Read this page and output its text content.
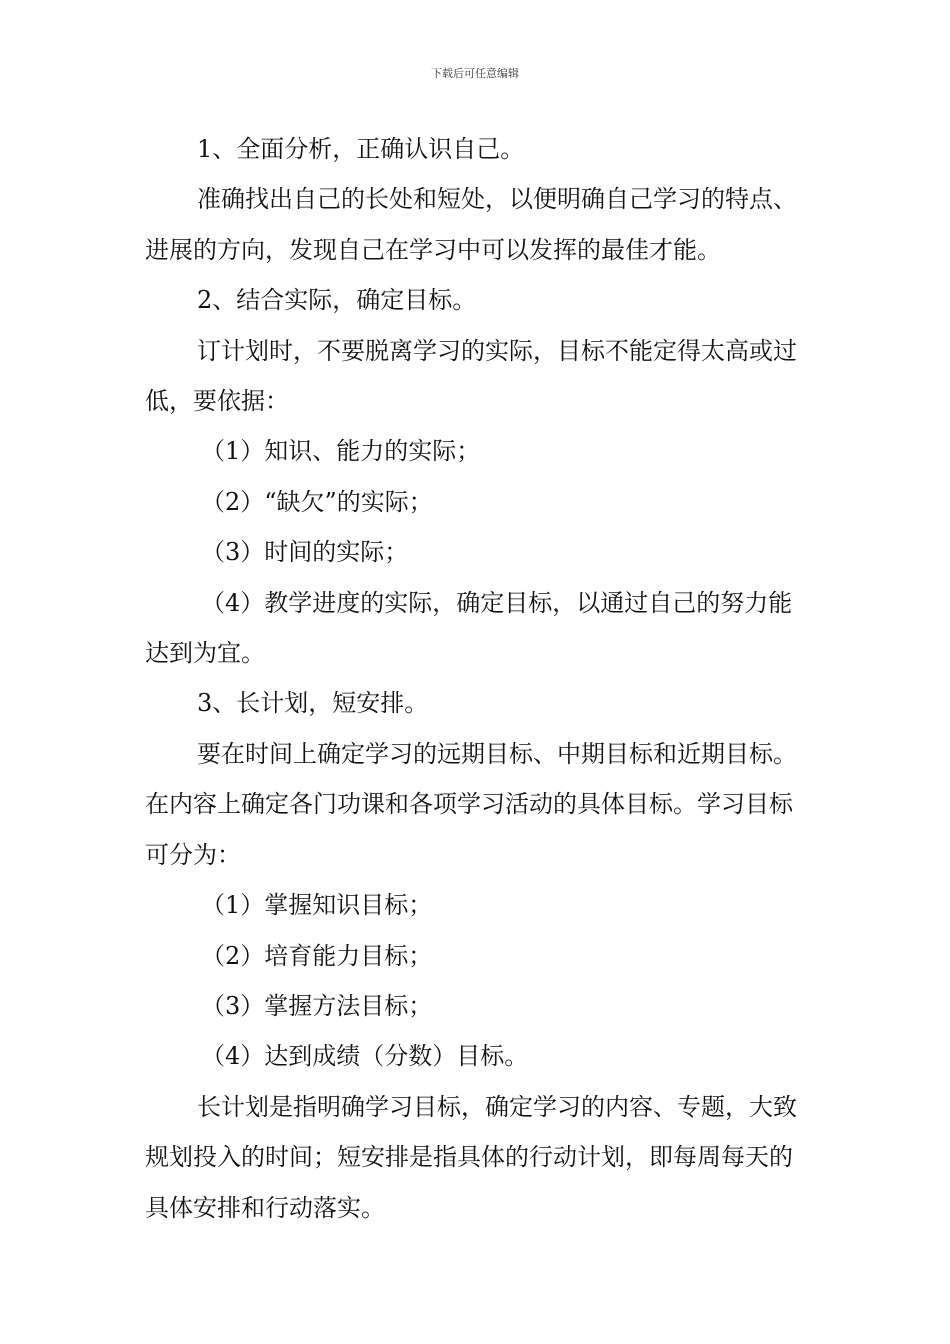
下载后可任意编辑

1、全面分析，正确认识自己。

准确找出自己的长处和短处，以便明确自己学习的特点、进展的方向，发现自己在学习中可以发挥的最佳才能。

2、结合实际，确定目标。

订计划时，不要脱离学习的实际，目标不能定得太高或过低，要依据：

（1）知识、能力的实际；

（2）“缺欠”的实际；

（3）时间的实际；

（4）教学进度的实际，确定目标，以通过自己的努力能达到为宜。

3、长计划，短安排。

要在时间上确定学习的远期目标、中期目标和近期目标。在内容上确定各门功课和各项学习活动的具体目标。学习目标可分为：

（1）掌握知识目标；

（2）培育能力目标；

（3）掌握方法目标；

（4）达到成绩（分数）目标。

长计划是指明确学习目标，确定学习的内容、专题，大致规划投入的时间；短安排是指具体的行动计划，即每周每天的具体安排和行动落实。
